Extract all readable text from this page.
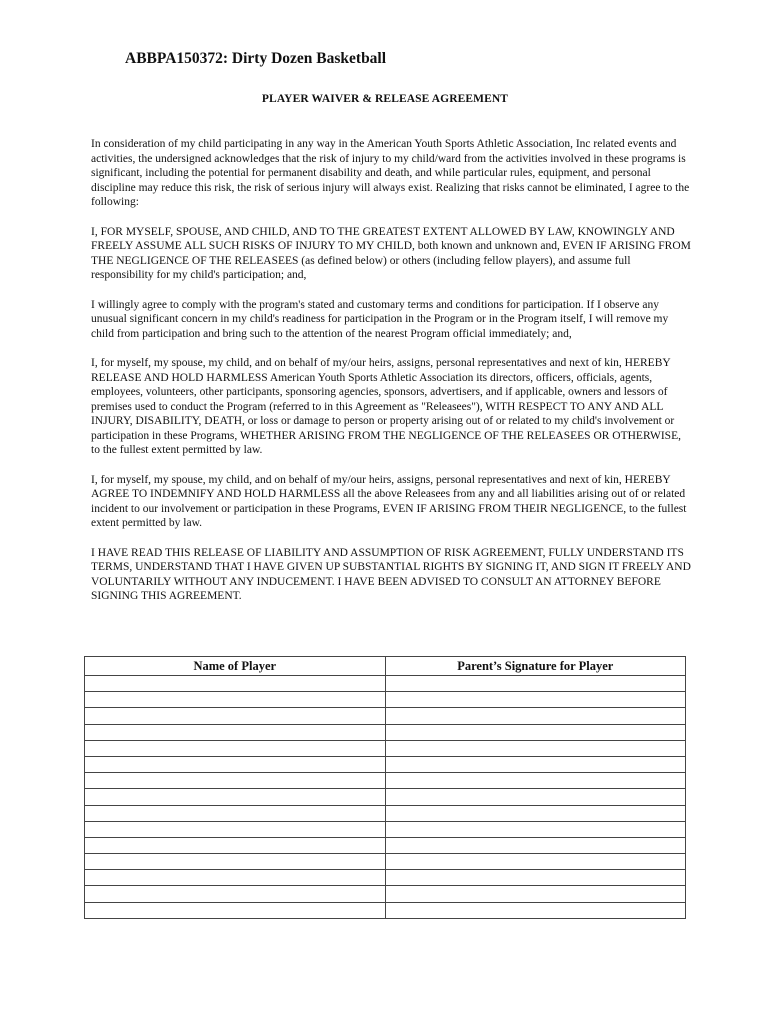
ABBPA150372: Dirty Dozen Basketball
PLAYER WAIVER & RELEASE AGREEMENT

In consideration of my child participating in any way in the American Youth Sports Athletic Association, Inc related events and activities, the undersigned acknowledges that the risk of injury to my child/ward from the activities involved in these programs is significant, including the potential for permanent disability and death, and while particular rules, equipment, and personal discipline may reduce this risk, the risk of serious injury will always exist. Realizing that risks cannot be eliminated, I agree to the following:

I, FOR MYSELF, SPOUSE, AND CHILD, AND TO THE GREATEST EXTENT ALLOWED BY LAW, KNOWINGLY AND FREELY ASSUME ALL SUCH RISKS OF INJURY TO MY CHILD, both known and unknown and, EVEN IF ARISING FROM THE NEGLIGENCE OF THE RELEASEES (as defined below) or others (including fellow players), and assume full responsibility for my child's participation; and,

I willingly agree to comply with the program's stated and customary terms and conditions for participation. If I observe any unusual significant concern in my child's readiness for participation in the Program or in the Program itself, I will remove my child from participation and bring such to the attention of the nearest Program official immediately; and,

I, for myself, my spouse, my child, and on behalf of my/our heirs, assigns, personal representatives and next of kin, HEREBY RELEASE AND HOLD HARMLESS American Youth Sports Athletic Association its directors, officers, officials, agents, employees, volunteers, other participants, sponsoring agencies, sponsors, advertisers, and if applicable, owners and lessors of premises used to conduct the Program (referred to in this Agreement as "Releasees"), WITH RESPECT TO ANY AND ALL INJURY, DISABILITY, DEATH, or loss or damage to person or property arising out of or related to my child's involvement or participation in these Programs, WHETHER ARISING FROM THE NEGLIGENCE OF THE RELEASEES OR OTHERWISE, to the fullest extent permitted by law.

I, for myself, my spouse, my child, and on behalf of my/our heirs, assigns, personal representatives and next of kin, HEREBY AGREE TO INDEMNIFY AND HOLD HARMLESS all the above Releasees from any and all liabilities arising out of or related incident to our involvement or participation in these Programs, EVEN IF ARISING FROM THEIR NEGLIGENCE, to the fullest extent permitted by law.

I HAVE READ THIS RELEASE OF LIABILITY AND ASSUMPTION OF RISK AGREEMENT, FULLY UNDERSTAND ITS TERMS, UNDERSTAND THAT I HAVE GIVEN UP SUBSTANTIAL RIGHTS BY SIGNING IT, AND SIGN IT FREELY AND VOLUNTARILY WITHOUT ANY INDUCEMENT. I HAVE BEEN ADVISED TO CONSULT AN ATTORNEY BEFORE SIGNING THIS AGREEMENT.

Name of Player	Parent’s Signature for Player
